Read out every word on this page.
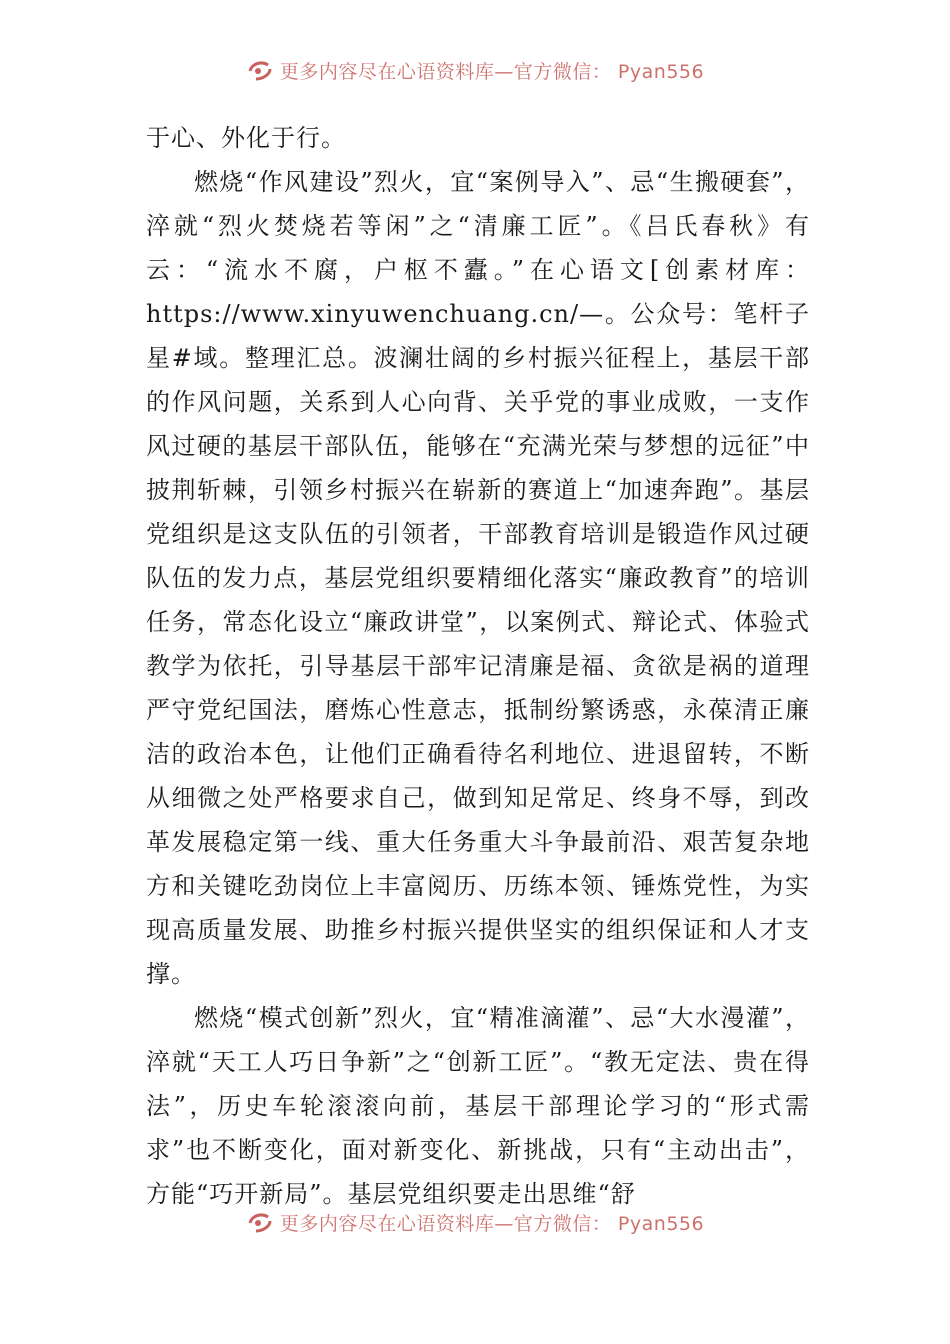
更多内容尽在心语资料库—官方微信： Pyan556

于心、外化于行。

燃烧“作风建设”烈火，宜“案例导入”、忌“生搬硬套”，淬就“烈火焚烧若等闲”之“清廉工匠”。《吕氏春秋》有云：“流水不腐，户枢不蠹。”在心语文[创素材库：https://www.xinyuwenchuang.cn/—。公众号：笔杆子星#域。整理汇总。波澜壮阔的乡村振兴征程上，基层干部的作风问题，关系到人心向背、关乎党的事业成败，一支作风过硬的基层干部队伍，能够在“充满光荣与梦想的远征”中披荆斩棘，引领乡村振兴在崭新的赛道上“加速奔跑”。基层党组织是这支队伍的引领者，干部教育培训是锻造作风过硬队伍的发力点，基层党组织要精细化落实“廉政教育”的培训任务，常态化设立“廉政讲堂”，以案例式、辩论式、体验式教学为依托，引导基层干部牢记清廉是福、贪欲是祸的道理严守党纪国法，磨炼心性意志，抵制纷繁诱惑，永葆清正廉洁的政治本色，让他们正确看待名利地位、进退留转，不断从细微之处严格要求自己，做到知足常足、终身不辱，到改革发展稳定第一线、重大任务重大斗争最前沿、艰苦复杂地方和关键吃劲岗位上丰富阅历、历练本领、锤炼党性，为实现高质量发展、助推乡村振兴提供坚实的组织保证和人才支撑。

燃烧“模式创新”烈火，宜“精准滴灌”、忌“大水漫灌”，淬就“天工人巧日争新”之“创新工匠”。“教无定法、贵在得法”，历史车轮滚滚向前，基层干部理论学习的“形式需求”也不断变化，面对新变化、新挑战，只有“主动出击”，方能“巧开新局”。基层党组织要走出思维“舒

更多内容尽在心语资料库—官方微信： Pyan556
